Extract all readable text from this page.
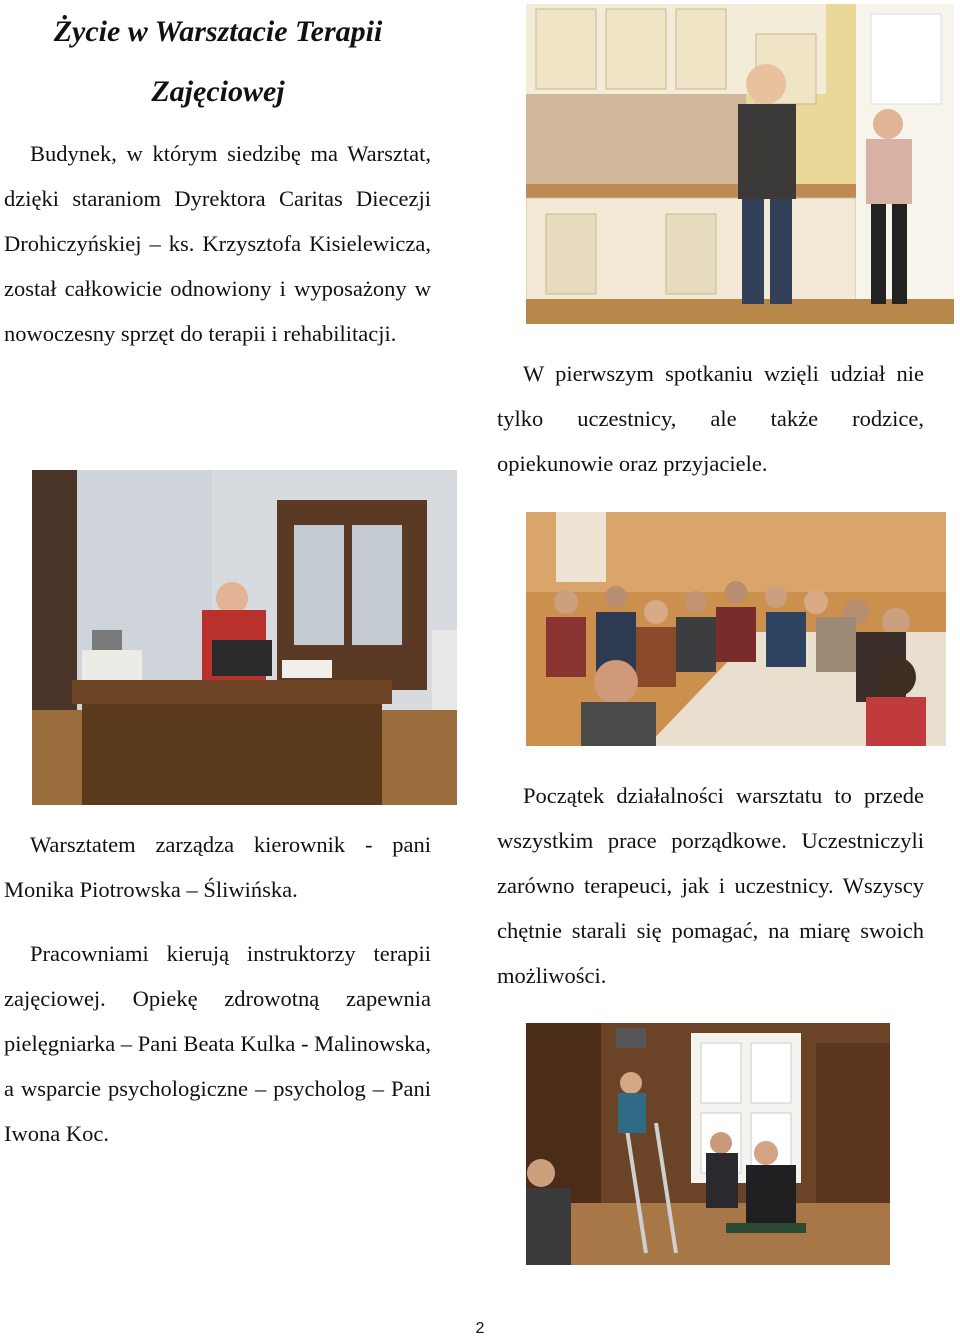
Życie w Warsztacie Terapii Zajęciowej

Budynek, w którym siedzibę ma Warsztat, dzięki staraniom Dyrektora Caritas Diecezji Drohiczyńskiej – ks. Krzysztofa Kisielewicza, został całkowicie odnowiony i wyposażony w nowoczesny sprzęt do terapii i rehabilitacji.

W pierwszym spotkaniu wzięli udział nie tylko uczestnicy, ale także rodzice, opiekunowie oraz przyjaciele.

Początek działalności warsztatu to przede wszystkim prace porządkowe. Uczestniczyli zarówno terapeuci, jak i uczestnicy. Wszyscy chętnie starali się pomagać, na miarę swoich możliwości.

Warsztatem zarządza kierownik - pani Monika Piotrowska – Śliwińska.

Pracowniami kierują instruktorzy terapii zajęciowej. Opiekę zdrowotną zapewnia pielęgniarka – Pani Beata Kulka - Malinowska, a wsparcie psychologiczne – psycholog – Pani Iwona Koc.

2
